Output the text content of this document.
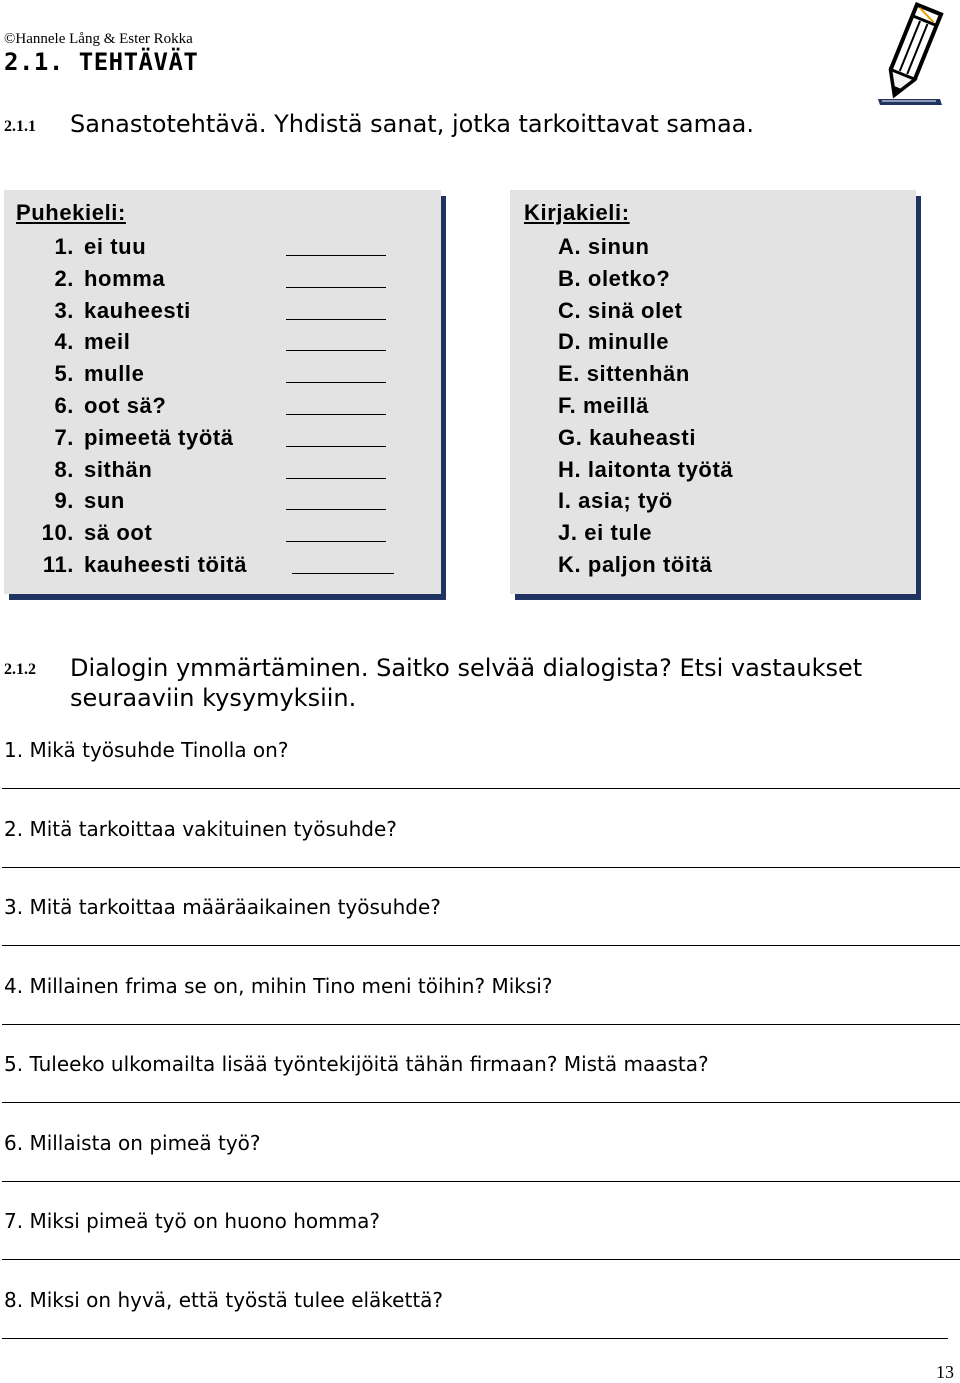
©Hannele Lång & Ester Rokka
2.1. TEHTÄVÄT
2.1.1 Sanastotehtävä. Yhdistä sanat, jotka tarkoittavat samaa.
Puhekieli:
1. ei tuu
2. homma
3. kauheesti
4. meil
5. mulle
6. oot sä?
7. pimeetä työtä
8. sithän
9. sun
10. sä oot
11. kauheesti töitä
Kirjakieli:
A. sinun
B. oletko?
C. sinä olet
D. minulle
E. sittenhän
F. meillä
G. kauheasti
H. laitonta työtä
I. asia; työ
J. ei tule
K. paljon töitä
2.1.2 Dialogin ymmärtäminen. Saitko selvää dialogista? Etsi vastaukset
seuraaviin kysymyksiin.
1. Mikä työsuhde Tinolla on?
2. Mitä tarkoittaa vakituinen työsuhde?
3. Mitä tarkoittaa määräaikainen työsuhde?
4. Millainen frima se on, mihin Tino meni töihin? Miksi?
5. Tuleeko ulkomailta lisää työntekijöitä tähän firmaan? Mistä maasta?
6. Millaista on pimeä työ?
7. Miksi pimeä työ on huono homma?
8. Miksi on hyvä, että työstä tulee eläkettä?
13
